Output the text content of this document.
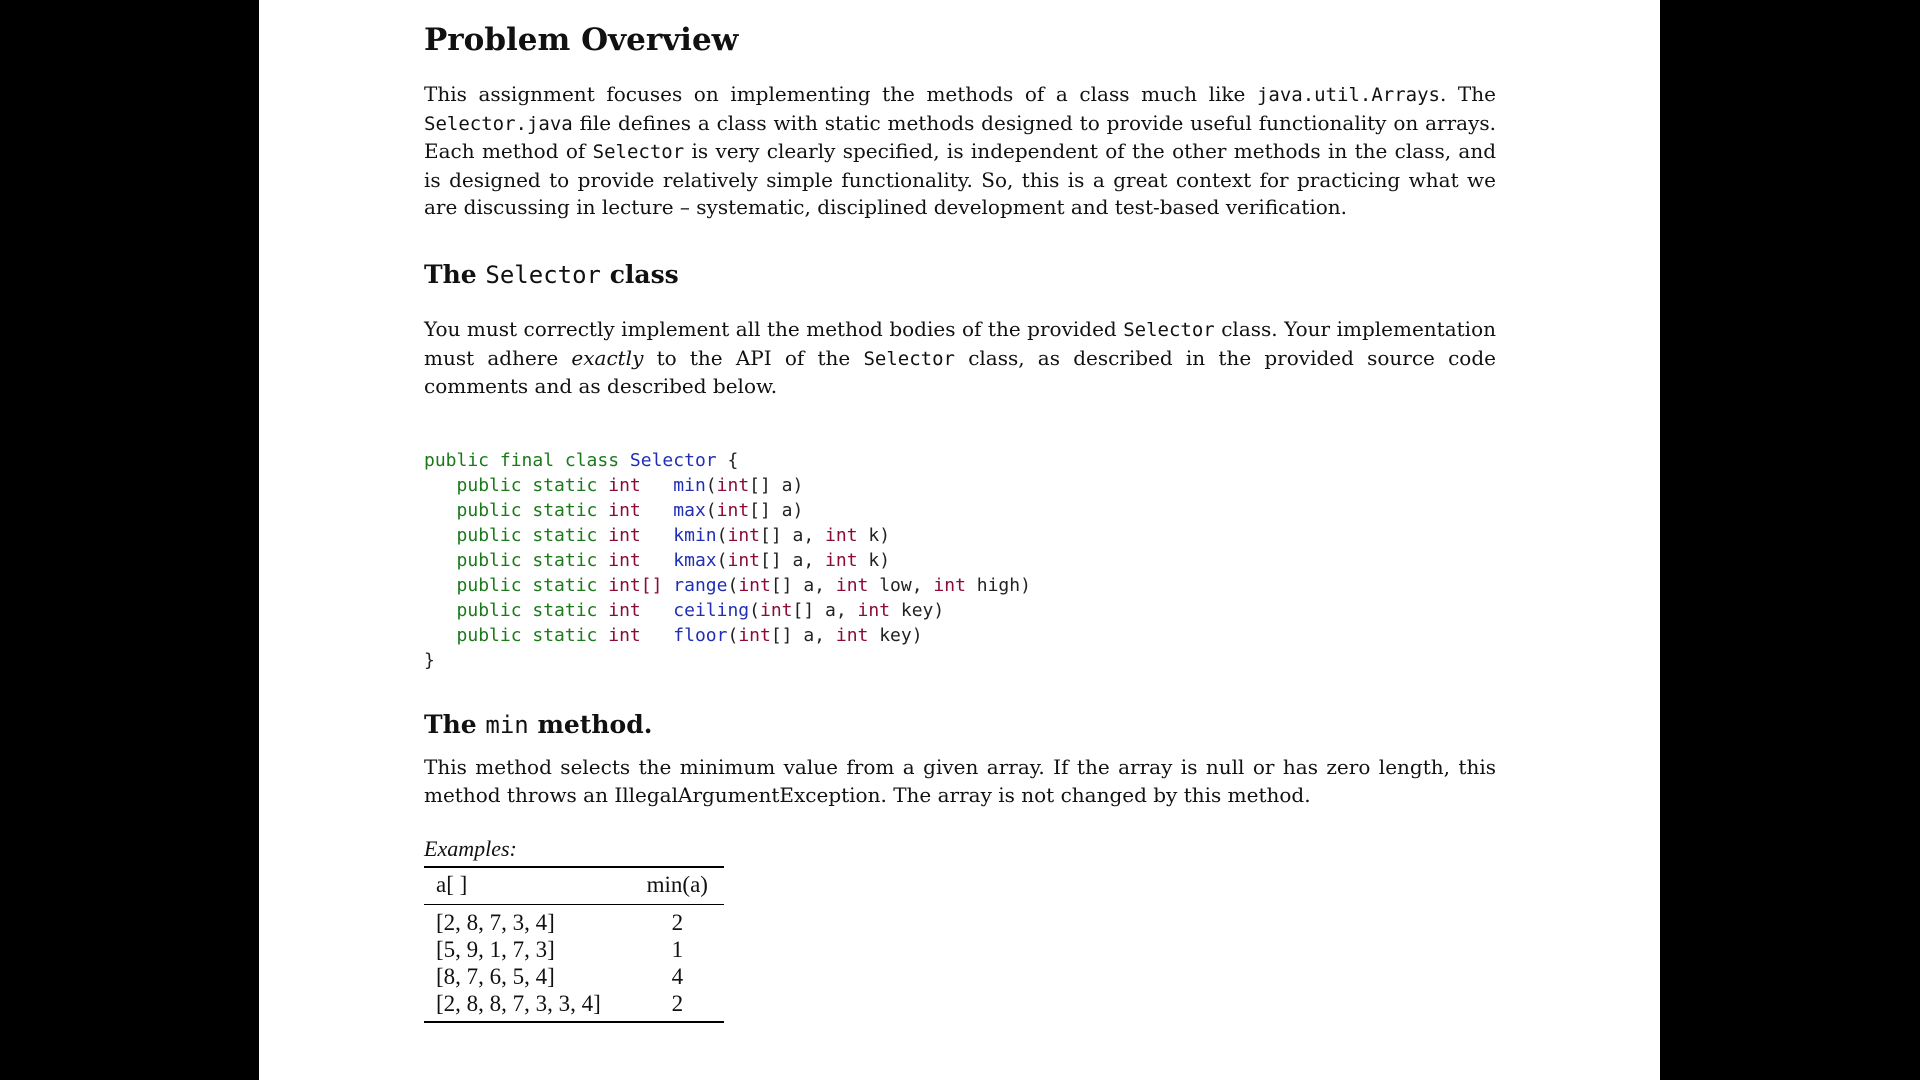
Problem Overview

This assignment focuses on implementing the methods of a class much like java.util.Arrays. The Selector.java file defines a class with static methods designed to provide useful functionality on arrays. Each method of Selector is very clearly specified, is independent of the other methods in the class, and is designed to provide relatively simple functionality. So, this is a great context for practicing what we are discussing in lecture – systematic, disciplined development and test-based verification.

The Selector class

You must correctly implement all the method bodies of the provided Selector class. Your implementation must adhere exactly to the API of the Selector class, as described in the provided source code comments and as described below.

public final class Selector {
public static int min(int[] a)
public static int max(int[] a)
public static int kmin(int[] a, int k)
public static int kmax(int[] a, int k)
public static int[] range(int[] a, int low, int high)
public static int ceiling(int[] a, int key)
public static int floor(int[] a, int key)
}
The min method.

This method selects the minimum value from a given array. If the array is null or has zero length, this method throws an IllegalArgumentException. The array is not changed by this method.

Examples:
a[ ]	min(a)
[2, 8, 7, 3, 4]	2
[5, 9, 1, 7, 3]	1
[8, 7, 6, 5, 4]	4
[2, 8, 8, 7, 3, 3, 4]	2
